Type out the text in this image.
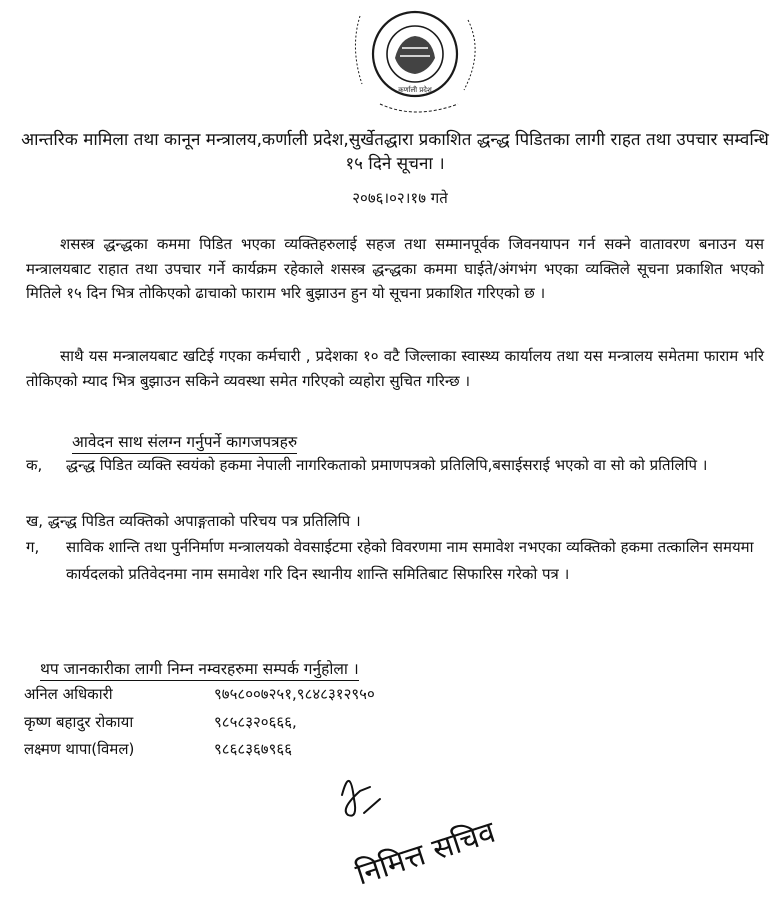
कर्णाली प्रदेश
आन्तरिक मामिला तथा कानून मन्त्रालय,कर्णाली प्रदेश,सुर्खेतद्धारा प्रकाशित द्धन्द्ध पिडितका लागी राहत तथा उपचार सम्वन्धि १५ दिने सूचना ।
२०७६।०२।१७ गते
शसस्त्र द्धन्द्धका कममा पिडित भएका व्यक्तिहरुलाई सहज तथा सम्मानपूर्वक जिवनयापन गर्न सक्ने वातावरण बनाउन यस मन्त्रालयबाट राहात तथा उपचार गर्ने कार्यक्रम रहेकाले शसस्त्र द्धन्द्धका कममा घाईते/अंगभंग भएका व्यक्तिले सूचना प्रकाशित भएको मितिले १५ दिन भित्र तोकिएको ढाचाको फाराम भरि बुझाउन हुन यो सूचना प्रकाशित गरिएको छ ।
साथै यस मन्त्रालयबाट खटिई गएका कर्मचारी , प्रदेशका १० वटै जिल्लाका स्वास्थ्य कार्यालय तथा यस मन्त्रालय समेतमा फाराम भरि तोकिएको म्याद भित्र बुझाउन सकिने व्यवस्था समेत गरिएको व्यहोरा सुचित गरिन्छ ।
आवेदन साथ संलग्न गर्नुपर्ने कागजपत्रहरु
क, द्धन्द्ध पिडित व्यक्ति स्वयंको हकमा नेपाली नागरिकताको प्रमाणपत्रको प्रतिलिपि,बसाईसराई भएको वा सो को प्रतिलिपि ।
ख, द्धन्द्ध पिडित व्यक्तिको अपाङ्गताको परिचय पत्र प्रतिलिपि ।
ग, साविक शान्ति तथा पुर्ननिर्माण मन्त्रालयको वेवसाईटमा रहेको विवरणमा नाम समावेश नभएका व्यक्तिको हकमा तत्कालिन समयमा कार्यदलको प्रतिवेदनमा नाम समावेश गरि दिन स्थानीय शान्ति समितिबाट सिफारिस गरेको पत्र ।
थप जानकारीका लागी निम्न नम्वरहरुमा सम्पर्क गर्नुहोला ।
अनिल अधिकारी	९७५८००७२५१,९८४८३१२९५०
कृष्ण बहादुर रोकाया	९८५८३२०६६६,
लक्ष्मण थापा(विमल)	९८६८३६७९६६
निमित्त सचिव
